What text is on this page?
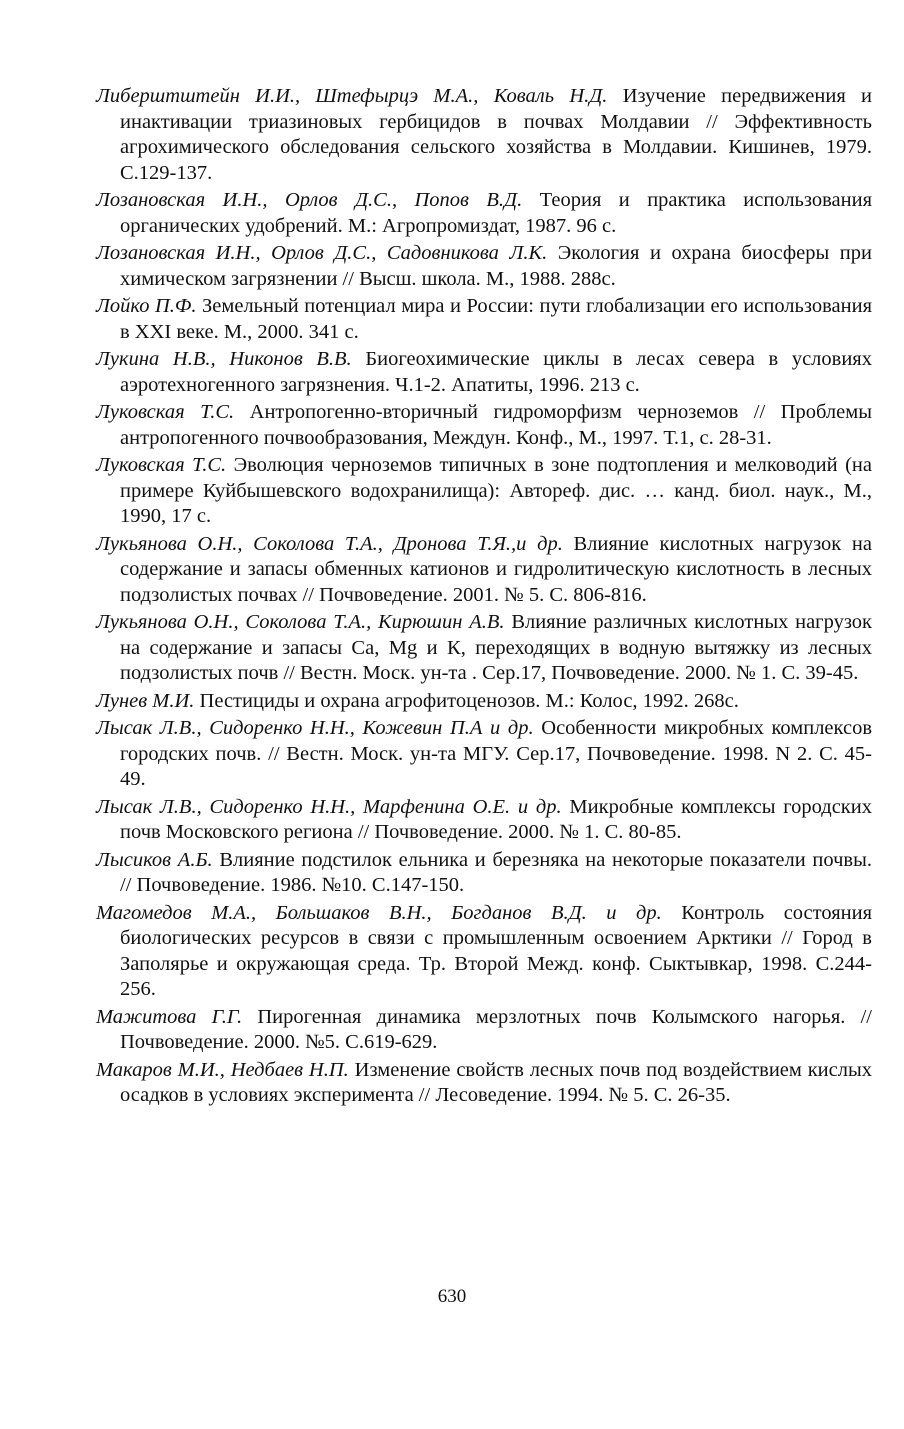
Либерштштейн И.И., Штефырцэ М.А., Коваль Н.Д. Изучение передвижения и инактивации триазиновых гербицидов в почвах Молдавии // Эффективность агрохимического обследования сельского хозяйства в Молдавии. Кишинев, 1979. С.129-137.
Лозановская И.Н., Орлов Д.С., Попов В.Д. Теория и практика использования органических удобрений. М.: Агропромиздат, 1987. 96 с.
Лозановская И.Н., Орлов Д.С., Садовникова Л.К. Экология и охрана биосферы при химическом загрязнении // Высш. школа. М., 1988. 288с.
Лойко П.Ф. Земельный потенциал мира и России: пути глобализации его использования в XXI веке. М., 2000. 341 с.
Лукина Н.В., Никонов В.В. Биогеохимические циклы в лесах севера в условиях аэротехногенного загрязнения. Ч.1-2. Апатиты, 1996. 213 с.
Луковская Т.С. Антропогенно-вторичный гидроморфизм черноземов // Проблемы антропогенного почвообразования, Междун. Конф., М., 1997. Т.1, с. 28-31.
Луковская Т.С. Эволюция черноземов типичных в зоне подтопления и мелководий (на примере Куйбышевского водохранилища): Автореф. дис. … канд. биол. наук., М., 1990, 17 с.
Лукьянова О.Н., Соколова Т.А., Дронова Т.Я.,и др. Влияние кислотных нагрузок на содержание и запасы обменных катионов и гидролитическую кислотность в лесных подзолистых почвах // Почвоведение. 2001. № 5. С. 806-816.
Лукьянова О.Н., Соколова Т.А., Кирюшин А.В. Влияние различных кислотных нагрузок на содержание и запасы Са, Mg и К, переходящих в водную вытяжку из лесных подзолистых почв // Вестн. Моск. ун-та . Сер.17, Почвоведение. 2000. № 1. С. 39-45.
Лунев М.И. Пестициды и охрана агрофитоценозов. М.: Колос, 1992. 268с.
Лысак Л.В., Сидоренко Н.Н., Кожевин П.А и др. Особенности микробных комплексов городских почв. // Вестн. Моск. ун-та МГУ. Сер.17, Почвоведение. 1998. N 2. С. 45-49.
Лысак Л.В., Сидоренко Н.Н., Марфенина О.Е. и др. Микробные комплексы городских почв Московского региона // Почвоведение. 2000. № 1. С. 80-85.
Лысиков А.Б. Влияние подстилок ельника и березняка на некоторые показатели почвы. // Почвоведение. 1986. №10. С.147-150.
Магомедов М.А., Большаков В.Н., Богданов В.Д. и др. Контроль состояния биологических ресурсов в связи с промышленным освоением Арктики // Город в Заполярье и окружающая среда. Тр. Второй Межд. конф. Сыктывкар, 1998. С.244-256.
Мажитова Г.Г. Пирогенная динамика мерзлотных почв Колымского нагорья. // Почвоведение. 2000. №5. С.619-629.
Макаров М.И., Недбаев Н.П. Изменение свойств лесных почв под воздействием кислых осадков в условиях эксперимента // Лесоведение. 1994. № 5. С. 26-35.
630
